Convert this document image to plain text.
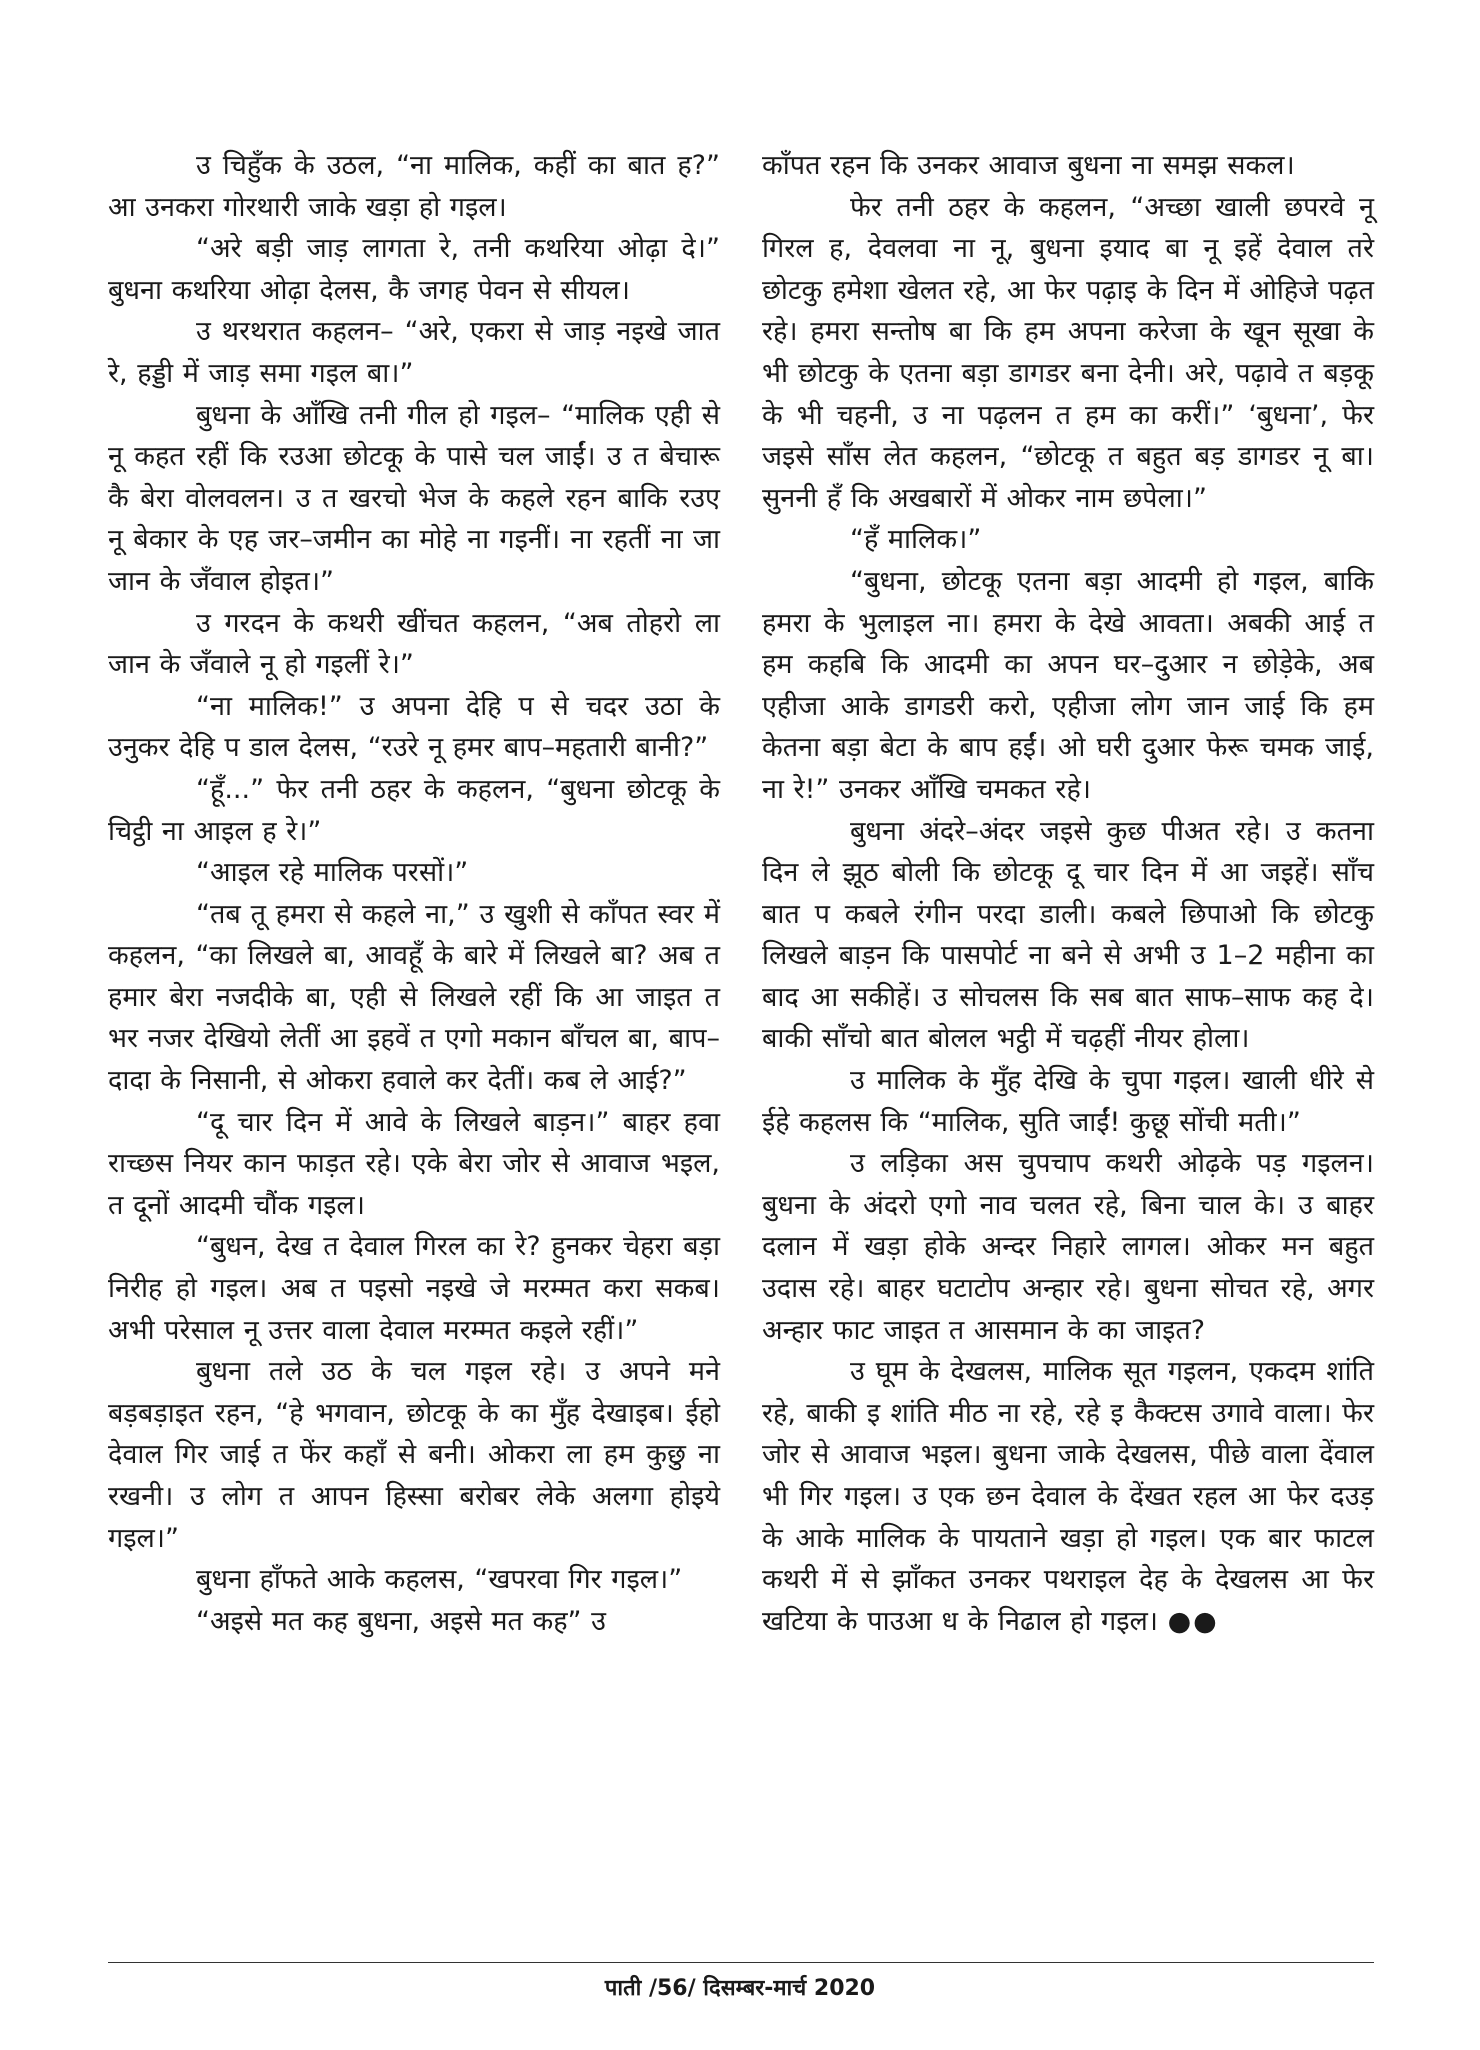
उ चिहुँक के उठल, “ना मालिक, कहीं का बात ह?” आ उनकरा गोरथारी जाके खड़ा हो गइल।

“अरे बड़ी जाड़ लागता रे, तनी कथरिया ओढ़ा दे।” बुधना कथरिया ओढ़ा देलस, कै जगह पेवन से सीयल।

उ थरथरात कहलन– “अरे, एकरा से जाड़ नइखे जात रे, हड्डी में जाड़ समा गइल बा।”

बुधना के आँखि तनी गील हो गइल– “मालिक एही से नू कहत रहीं कि रउआ छोटकू के पासे चल जाईं। उ त बेचारू कै बेरा वोलवलन। उ त खरचो भेज के कहले रहन बाकि रउए नू बेकार के एह जर–जमीन का मोहे ना गइनीं। ना रहतीं ना जा जान के जँवाल होइत।”

उ गरदन के कथरी खींचत कहलन, “अब तोहरो ला जान के जँवाले नू हो गइलीं रे।”

“ना मालिक!” उ अपना देहि प से चदर उठा के उनुकर देहि प डाल देलस, “रउरे नू हमर बाप–महतारी बानी?”

“हूँ...” फेर तनी ठहर के कहलन, “बुधना छोटकू के चिट्ठी ना आइल ह रे।”

“आइल रहे मालिक परसों।”

“तब तू हमरा से कहले ना,” उ खुशी से काँपत स्वर में कहलन, “का लिखले बा, आवहूँ के बारे में लिखले बा? अब त हमार बेरा नजदीके बा, एही से लिखले रहीं कि आ जाइत त भर नजर देखियो लेतीं आ इहवें त एगो मकान बाँचल बा, बाप–दादा के निसानी, से ओकरा हवाले कर देतीं। कब ले आई?”

“दू चार दिन में आवे के लिखले बाड़न।” बाहर हवा राच्छस नियर कान फाड़त रहे। एके बेरा जोर से आवाज भइल, त दूनों आदमी चौंक गइल।

“बुधन, देख त देवाल गिरल का रे? हुनकर चेहरा बड़ा निरीह हो गइल। अब त पइसो नइखे जे मरम्मत करा सकब। अभी परेसाल नू उत्तर वाला देवाल मरम्मत कइले रहीं।”

बुधना तले उठ के चल गइल रहे। उ अपने मने बड़बड़ाइत रहन, “हे भगवान, छोटकू के का मुँह देखाइब। ईहो देवाल गिर जाई त फेंर कहाँ से बनी। ओकरा ला हम कुछु ना रखनी। उ लोग त आपन हिस्सा बरोबर लेके अलगा होइये गइल।”

बुधना हाँफते आके कहलस, “खपरवा गिर गइल।”

“अइसे मत कह बुधना, अइसे मत कह” उ

काँपत रहन कि उनकर आवाज बुधना ना समझ सकल।

फेर तनी ठहर के कहलन, “अच्छा खाली छपरवे नू गिरल ह, देवलवा ना नू, बुधना इयाद बा नू इहें देवाल तरे छोटकु हमेशा खेलत रहे, आ फेर पढ़ाइ के दिन में ओहिजे पढ़त रहे। हमरा सन्तोष बा कि हम अपना करेजा के खून सूखा के भी छोटकु के एतना बड़ा डागडर बना देनी। अरे, पढ़ावे त बड़कू के भी चहनी, उ ना पढ़लन त हम का करीं।” ‘बुधना’, फेर जइसे साँस लेत कहलन, “छोटकू त बहुत बड़ डागडर नू बा। सुननी हँ कि अखबारों में ओकर नाम छपेला।”

“हँ मालिक।”

“बुधना, छोटकू एतना बड़ा आदमी हो गइल, बाकि हमरा के भुलाइल ना। हमरा के देखे आवता। अबकी आई त हम कहबि कि आदमी का अपन घर–दुआर न छोड़ेके, अब एहीजा आके डागडरी करो, एहीजा लोग जान जाई कि हम केतना बड़ा बेटा के बाप हईं। ओ घरी दुआर फेरू चमक जाई, ना रे!” उनकर आँखि चमकत रहे।

बुधना अंदरे–अंदर जइसे कुछ पीअत रहे। उ कतना दिन ले झूठ बोली कि छोटकू दू चार दिन में आ जइहें। साँच बात प कबले रंगीन परदा डाली। कबले छिपाओ कि छोटकु लिखले बाड़न कि पासपोर्ट ना बने से अभी उ 1–2 महीना का बाद आ सकीहें। उ सोचलस कि सब बात साफ–साफ कह दे। बाकी साँचो बात बोलल भट्ठी में चढ़हीं नीयर होला।

उ मालिक के मुँह देखि के चुपा गइल। खाली धीरे से ईहे कहलस कि “मालिक, सुति जाईं! कुछू सोंची मती।”

उ लड़िका अस चुपचाप कथरी ओढ़के पड़ गइलन। बुधना के अंदरो एगो नाव चलत रहे, बिना चाल के। उ बाहर दलान में खड़ा होके अन्दर निहारे लागल। ओकर मन बहुत उदास रहे। बाहर घटाटोप अन्हार रहे। बुधना सोचत रहे, अगर अन्हार फाट जाइत त आसमान के का जाइत?

उ घूम के देखलस, मालिक सूत गइलन, एकदम शांति रहे, बाकी इ शांति मीठ ना रहे, रहे इ कैक्टस उगावे वाला। फेर जोर से आवाज भइल। बुधना जाके देखलस, पीछे वाला देंवाल भी गिर गइल। उ एक छन देवाल के देंखत रहल आ फेर दउड़ के आके मालिक के पायताने खड़ा हो गइल। एक बार फाटल कथरी में से झाँकत उनकर पथराइल देह के देखलस आ फेर खटिया के पाउआ ध के निढाल हो गइल। ●●

पाती /56/ दिसम्बर-मार्च 2020
